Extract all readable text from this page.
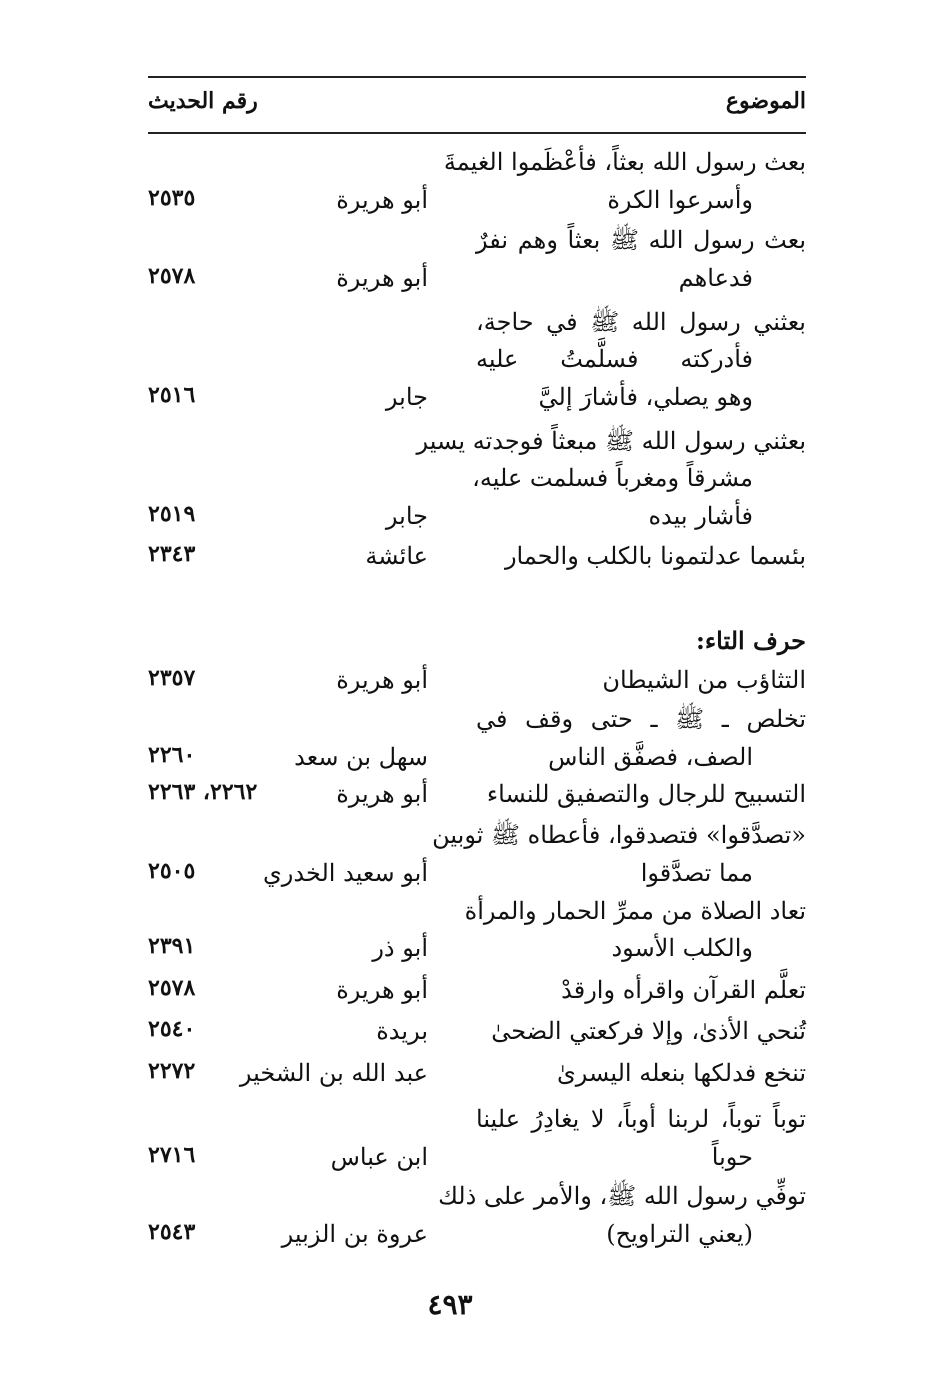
الموضوع
رقم الحديث
بعث رسول الله بعثاً، فأعْظَموا الغيمةَ
وأسرعوا الكرة
أبو هريرة
٢٥٣٥
بعث رسول الله ﷺ بعثاً وهم نفرٌ
فدعاهم
أبو هريرة
٢٥٧٨
بعثني رسول الله ﷺ في حاجة،
فأدركته فسلَّمتُ عليه
وهو يصلي، فأشارَ إليَّ
جابر
٢٥١٦
بعثني رسول الله ﷺ مبعثاً فوجدته يسير
مشرقاً ومغرباً فسلمت عليه،
فأشار بيده
جابر
٢٥١٩
بئسما عدلتمونا بالكلب والحمار
عائشة
٢٣٤٣
حرف التاء:
التثاؤب من الشيطان
أبو هريرة
٢٣٥٧
تخلص ـ ﷺ ـ حتى وقف في
الصف، فصفَّق الناس
سهل بن سعد
٢٢٦٠
التسبيح للرجال والتصفيق للنساء
أبو هريرة
٢٢٦٢، ٢٢٦٣
«تصدَّقوا» فتصدقوا، فأعطاه ﷺ ثوبين
مما تصدَّقوا
أبو سعيد الخدري
٢٥٠٥
تعاد الصلاة من ممرِّ الحمار والمرأة
والكلب الأسود
أبو ذر
٢٣٩١
تعلَّم القرآن واقرأه وارقدْ
أبو هريرة
٢٥٧٨
تُنحي الأذىٰ، وإلا فركعتي الضحىٰ
بريدة
٢٥٤٠
تنخع فدلكها بنعله اليسرىٰ
عبد الله بن الشخير
٢٢٧٢
توباً توباً، لربنا أوباً، لا يغادِرُ علينا
حوباً
ابن عباس
٢٧١٦
توفِّي رسول الله ﷺ، والأمر على ذلك
(يعني التراويح)
عروة بن الزبير
٢٥٤٣
٤٩٣
